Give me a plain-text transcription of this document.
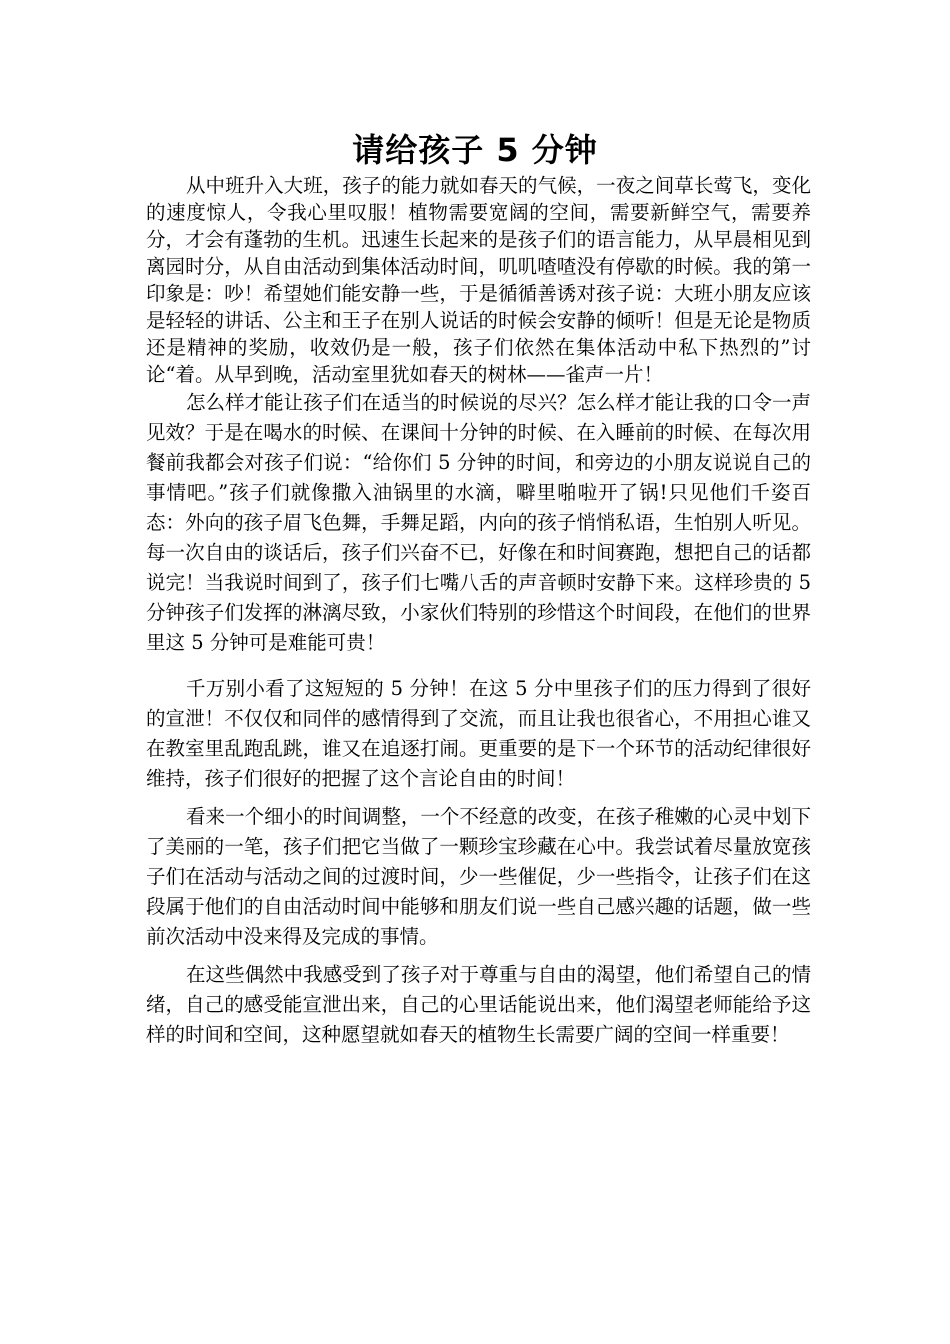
请给孩子 5 分钟

从中班升入大班，孩子的能力就如春天的气候，一夜之间草长莺飞，变化的速度惊人，令我心里叹服！植物需要宽阔的空间，需要新鲜空气，需要养分，才会有蓬勃的生机。迅速生长起来的是孩子们的语言能力，从早晨相见到离园时分，从自由活动到集体活动时间，叽叽喳喳没有停歇的时候。我的第一印象是：吵！希望她们能安静一些，于是循循善诱对孩子说：大班小朋友应该是轻轻的讲话、公主和王子在别人说话的时候会安静的倾听！但是无论是物质还是精神的奖励，收效仍是一般，孩子们依然在集体活动中私下热烈的”讨论“着。从早到晚，活动室里犹如春天的树林——雀声一片！

怎么样才能让孩子们在适当的时候说的尽兴？怎么样才能让我的口令一声见效？于是在喝水的时候、在课间十分钟的时候、在入睡前的时候、在每次用餐前我都会对孩子们说：“给你们 5 分钟的时间，和旁边的小朋友说说自己的事情吧。”孩子们就像撒入油锅里的水滴，噼里啪啦开了锅!只见他们千姿百态：外向的孩子眉飞色舞，手舞足蹈，内向的孩子悄悄私语，生怕别人听见。每一次自由的谈话后，孩子们兴奋不已，好像在和时间赛跑，想把自己的话都说完！当我说时间到了，孩子们七嘴八舌的声音顿时安静下来。这样珍贵的 5 分钟孩子们发挥的淋漓尽致，小家伙们特别的珍惜这个时间段，在他们的世界里这 5 分钟可是难能可贵！

千万别小看了这短短的 5 分钟！在这 5 分中里孩子们的压力得到了很好的宣泄！不仅仅和同伴的感情得到了交流，而且让我也很省心，不用担心谁又在教室里乱跑乱跳，谁又在追逐打闹。更重要的是下一个环节的活动纪律很好维持，孩子们很好的把握了这个言论自由的时间！

看来一个细小的时间调整，一个不经意的改变，在孩子稚嫩的心灵中划下了美丽的一笔，孩子们把它当做了一颗珍宝珍藏在心中。我尝试着尽量放宽孩子们在活动与活动之间的过渡时间，少一些催促，少一些指令，让孩子们在这段属于他们的自由活动时间中能够和朋友们说一些自己感兴趣的话题，做一些前次活动中没来得及完成的事情。

在这些偶然中我感受到了孩子对于尊重与自由的渴望，他们希望自己的情绪，自己的感受能宣泄出来，自己的心里话能说出来，他们渴望老师能给予这样的时间和空间，这种愿望就如春天的植物生长需要广阔的空间一样重要！
